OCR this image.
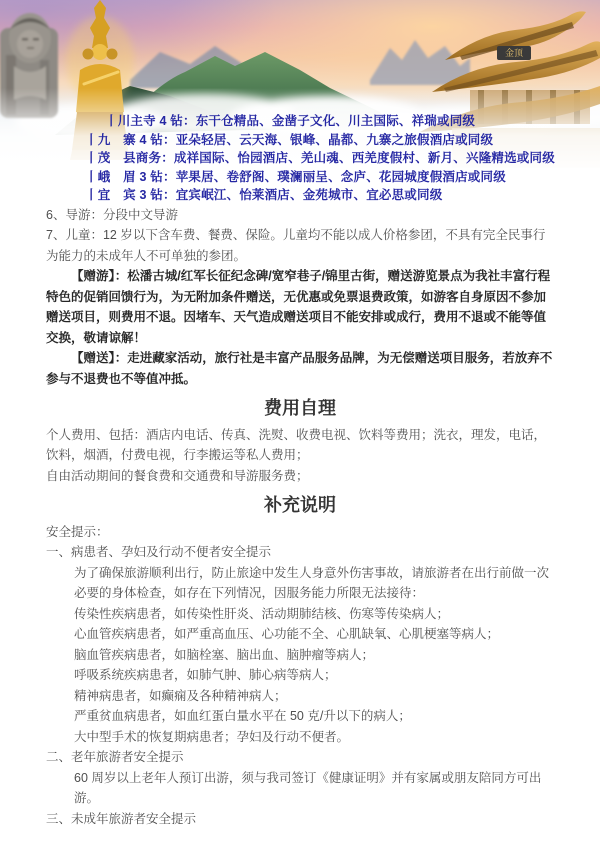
金顶
丨川主寺 4 钻：东干仓精品、金凿子文化、川主国际、祥瑞或同级
丨九　寨 4 钻：亚朵轻居、云天海、银峰、晶都、九寨之旅假酒店或同级
丨茂　县商务：成祥国际、怡园酒店、羌山魂、西羌度假村、新月、兴隆精选或同级
丨峨　眉 3 钻：苹果居、卷舒阁、璞澜丽呈、念庐、花园城度假酒店或同级
丨宜　宾 3 钻：宜宾岷江、怡莱酒店、金苑城市、宜必思或同级

6、导游：分段中文导游

7、儿童：12 岁以下含车费、餐费、保险。儿童均不能以成人价格参团，不具有完全民事行为能力的未成年人不可单独的参团。

【赠游】：松潘古城/红军长征纪念碑/宽窄巷子/锦里古街，赠送游览景点为我社丰富行程特色的促销回馈行为，为无附加条件赠送，无优惠或免票退费政策，如游客自身原因不参加赠送项目，则费用不退。因堵车、天气造成赠送项目不能安排或成行，费用不退或不能等值交换，敬请谅解！

【赠送】：走进藏家活动，旅行社是丰富产品服务品牌，为无偿赠送项目服务，若放弃不参与不退费也不等值冲抵。

费用自理

个人费用、包括：酒店内电话、传真、洗熨、收费电视、饮料等费用；洗衣，理发，电话，饮料，烟酒，付费电视，行李搬运等私人费用；

自由活动期间的餐食费和交通费和导游服务费；

补充说明

安全提示：

一、病患者、孕妇及行动不便者安全提示

为了确保旅游顺利出行，防止旅途中发生人身意外伤害事故，请旅游者在出行前做一次必要的身体检查，如存在下列情况，因服务能力所限无法接待：

传染性疾病患者，如传染性肝炎、活动期肺结核、伤寒等传染病人；

心血管疾病患者，如严重高血压、心功能不全、心肌缺氧、心肌梗塞等病人；

脑血管疾病患者，如脑栓塞、脑出血、脑肿瘤等病人；

呼吸系统疾病患者，如肺气肿、肺心病等病人；

精神病患者，如癫痫及各种精神病人；

严重贫血病患者，如血红蛋白量水平在 50 克/升以下的病人；

大中型手术的恢复期病患者；孕妇及行动不便者。

二、老年旅游者安全提示

60 周岁以上老年人预订出游，须与我司签订《健康证明》并有家属或朋友陪同方可出游。

三、未成年旅游者安全提示
